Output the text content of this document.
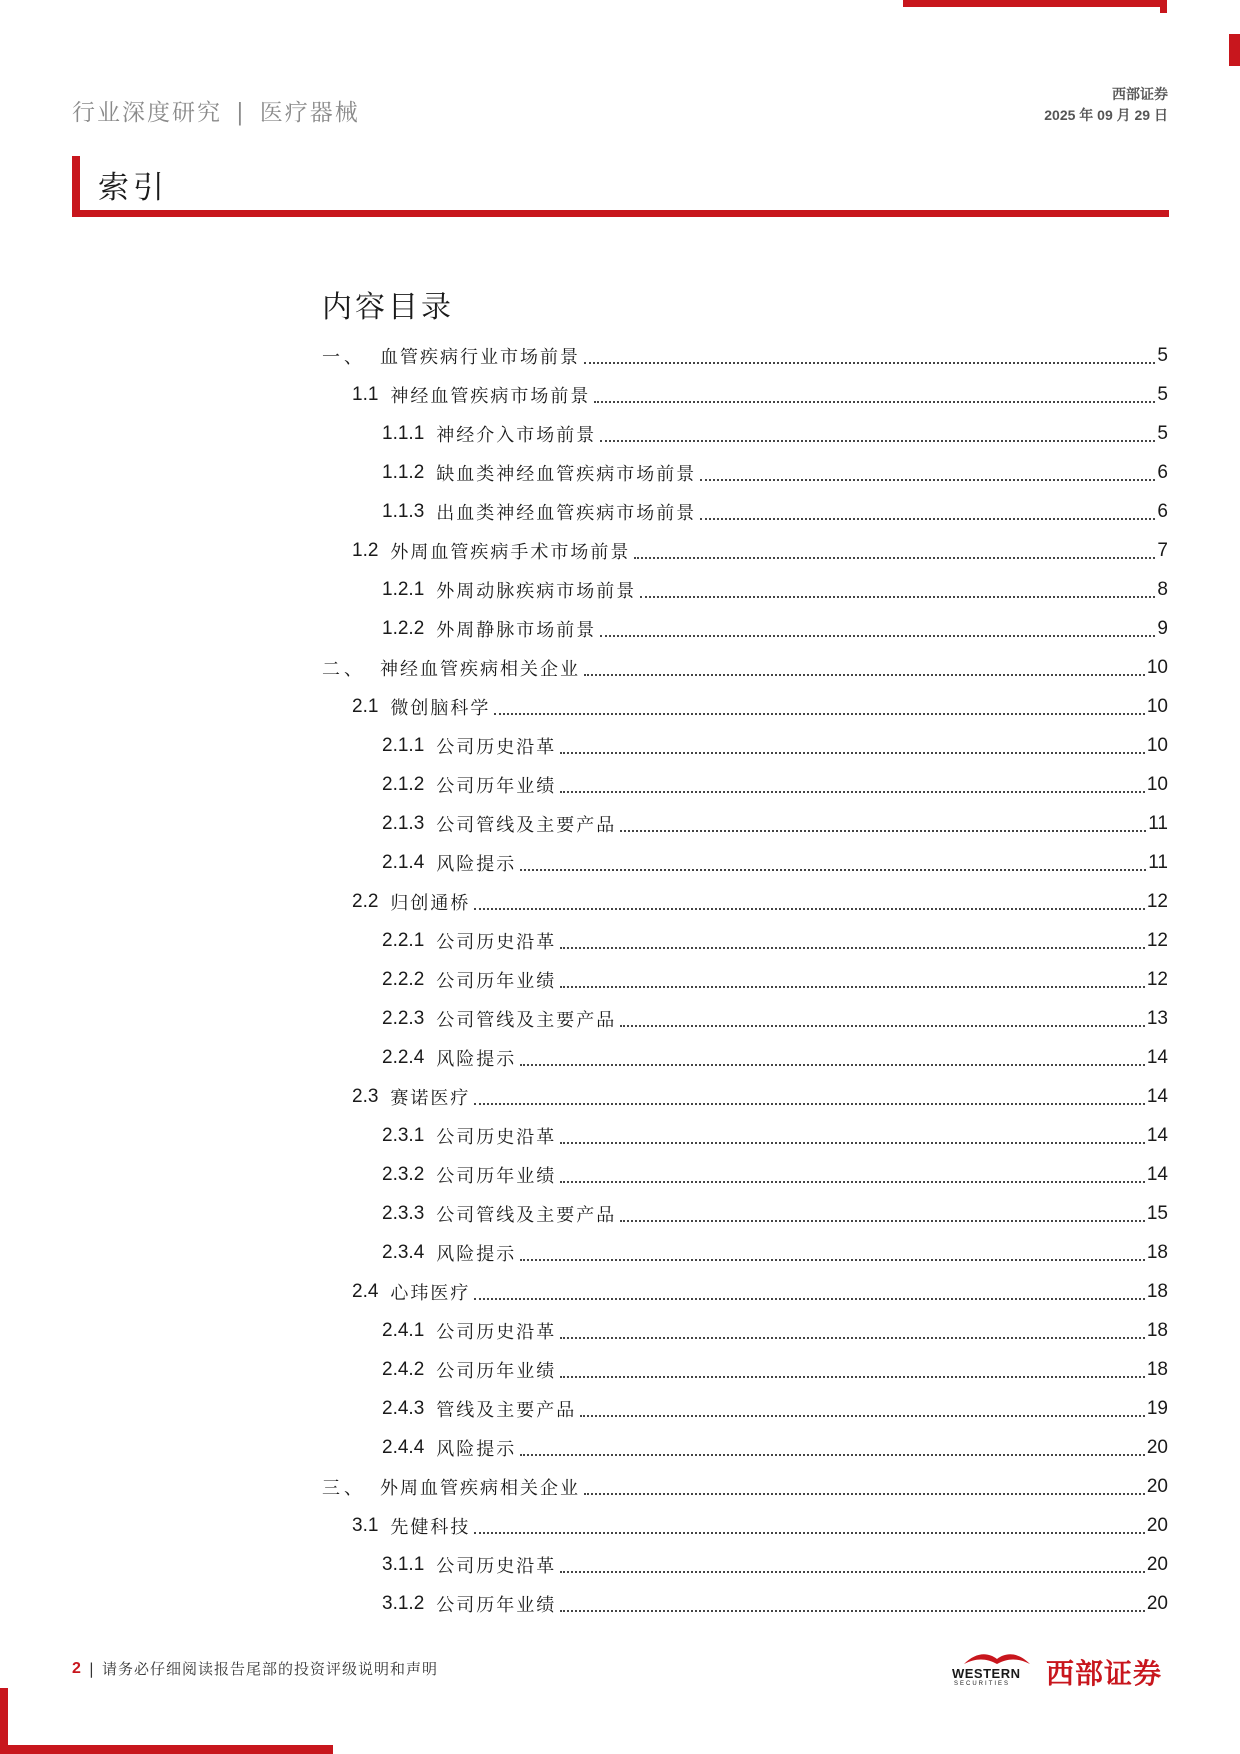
行业深度研究 | 医疗器械
西部证券
2025 年 09 月 29 日
索引
内容目录
一、 血管疾病行业市场前景	5
1.1 神经血管疾病市场前景	5
1.1.1 神经介入市场前景	5
1.1.2 缺血类神经血管疾病市场前景	6
1.1.3 出血类神经血管疾病市场前景	6
1.2 外周血管疾病手术市场前景	7
1.2.1 外周动脉疾病市场前景	8
1.2.2 外周静脉市场前景	9
二、 神经血管疾病相关企业	10
2.1 微创脑科学	10
2.1.1 公司历史沿革	10
2.1.2 公司历年业绩	10
2.1.3 公司管线及主要产品	11
2.1.4 风险提示	11
2.2 归创通桥	12
2.2.1 公司历史沿革	12
2.2.2 公司历年业绩	12
2.2.3 公司管线及主要产品	13
2.2.4 风险提示	14
2.3 赛诺医疗	14
2.3.1 公司历史沿革	14
2.3.2 公司历年业绩	14
2.3.3 公司管线及主要产品	15
2.3.4 风险提示	18
2.4 心玮医疗	18
2.4.1 公司历史沿革	18
2.4.2 公司历年业绩	18
2.4.3 管线及主要产品	19
2.4.4 风险提示	20
三、 外周血管疾病相关企业	20
3.1 先健科技	20
3.1.1 公司历史沿革	20
3.1.2 公司历年业绩	20
2 | 请务必仔细阅读报告尾部的投资评级说明和声明	WESTERN
SECURITIES 西部证券
